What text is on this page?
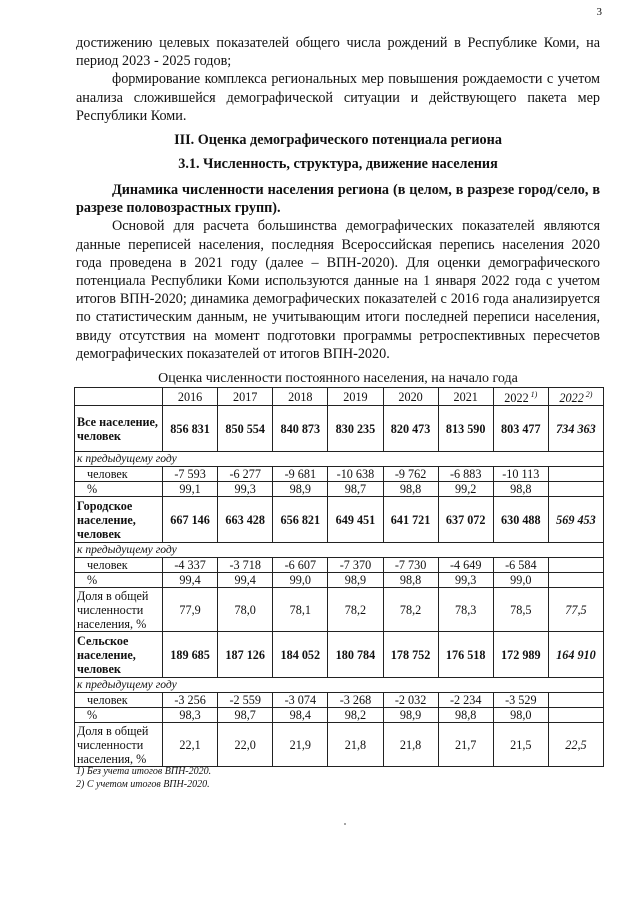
3

достижению целевых показателей общего числа рождений в Республике Коми, на период 2023 - 2025 годов;

формирование комплекса региональных мер повышения рождаемости с учетом анализа сложившейся демографической ситуации и действующего пакета мер Республики Коми.

III. Оценка демографического потенциала региона
3.1. Численность, структура, движение населения

Динамика численности населения региона (в целом, в разрезе город/село, в разрезе половозрастных групп).

Основой для расчета большинства демографических показателей являются данные переписей населения, последняя Всероссийская перепись населения 2020 года проведена в 2021 году (далее – ВПН-2020). Для оценки демографического потенциала Республики Коми используются данные на 1 января 2022 года с учетом итогов ВПН-2020; динамика демографических показателей с 2016 года анализируется по статистическим данным, не учитывающим итоги последней переписи населения, ввиду отсутствия на момент подготовки программы ретроспективных пересчетов демографических показателей от итогов ВПН-2020.

Оценка численности постоянного населения, на начало года
	2016	2017	2018	2019	2020	2021	2022 $^{1)}$	2022 $^{2)}$
Все население, человек	856 831	850 554	840 873	830 235	820 473	813 590	803 477	734 363
к предыдущему году								
человек	-7 593	-6 277	-9 681	-10 638	-9 762	-6 883	-10 113	
%	99,1	99,3	98,9	98,7	98,8	99,2	98,8	
Городское население, человек	667 146	663 428	656 821	649 451	641 721	637 072	630 488	569 453
к предыдущему году								
человек	-4 337	-3 718	-6 607	-7 370	-7 730	-4 649	-6 584	
%	99,4	99,4	99,0	98,9	98,8	99,3	99,0	
Доля в общей численности населения, %	77,9	78,0	78,1	78,2	78,2	78,3	78,5	77,5
Сельское население, человек	189 685	187 126	184 052	180 784	178 752	176 518	172 989	164 910
к предыдущему году								
человек	-3 256	-2 559	-3 074	-3 268	-2 032	-2 234	-3 529	
%	98,3	98,7	98,4	98,2	98,9	98,8	98,0	
Доля в общей численности населения, %	22,1	22,0	21,9	21,8	21,8	21,7	21,5	22,5
1) Без учета итогов ВПН-2020.
2) С учетом итогов ВПН-2020.
